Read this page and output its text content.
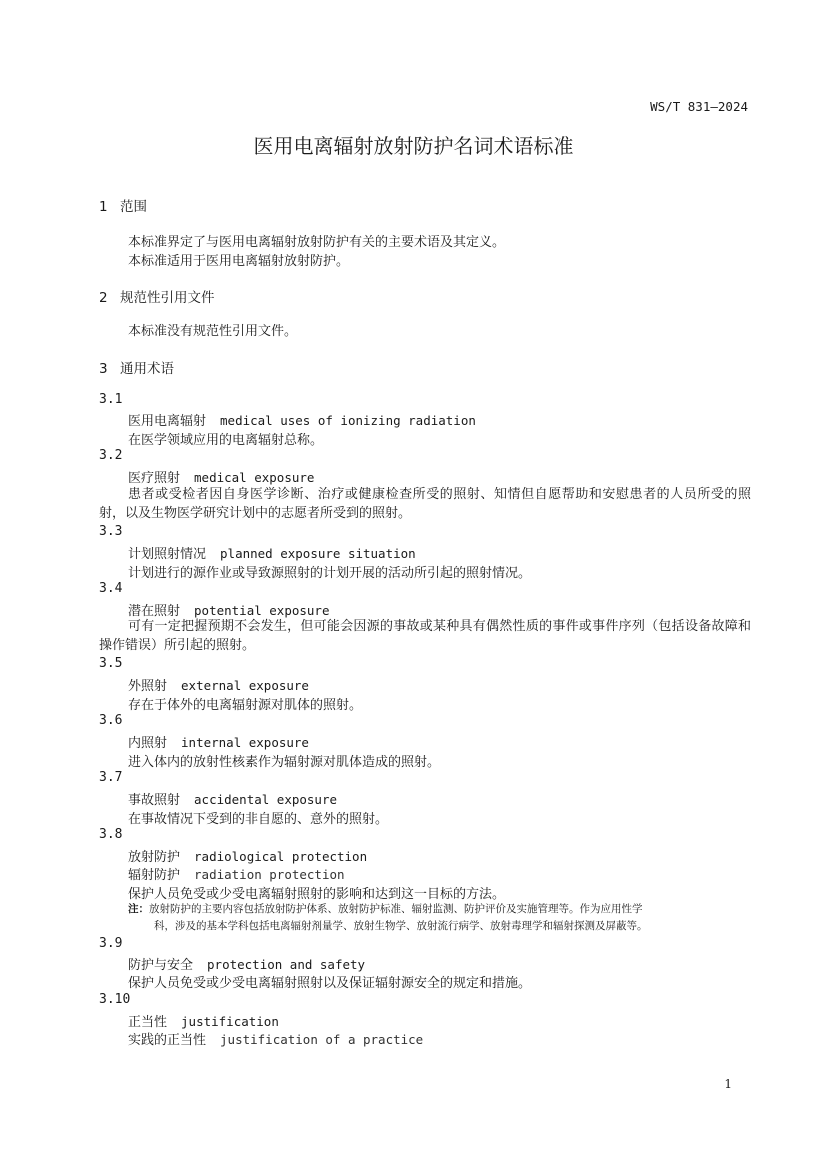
WS/T 831—2024
医用电离辐射放射防护名词术语标准
1 范围
本标准界定了与医用电离辐射放射防护有关的主要术语及其定义。
本标准适用于医用电离辐射放射防护。
2 规范性引用文件
本标准没有规范性引用文件。
3 通用术语
3.1
医用电离辐射 medical uses of ionizing radiation
在医学领域应用的电离辐射总称。
3.2
医疗照射 medical exposure
患者或受检者因自身医学诊断、治疗或健康检查所受的照射、知情但自愿帮助和安慰患者的人员所受的照射，以及生物医学研究计划中的志愿者所受到的照射。
3.3
计划照射情况 planned exposure situation
计划进行的源作业或导致源照射的计划开展的活动所引起的照射情况。
3.4
潜在照射 potential exposure
可有一定把握预期不会发生，但可能会因源的事故或某种具有偶然性质的事件或事件序列（包括设备故障和操作错误）所引起的照射。
3.5
外照射 external exposure
存在于体外的电离辐射源对肌体的照射。
3.6
内照射 internal exposure
进入体内的放射性核素作为辐射源对肌体造成的照射。
3.7
事故照射 accidental exposure
在事故情况下受到的非自愿的、意外的照射。
3.8
放射防护 radiological protection
辐射防护 radiation protection
保护人员免受或少受电离辐射照射的影响和达到这一目标的方法。
注：放射防护的主要内容包括放射防护体系、放射防护标准、辐射监测、防护评价及实施管理等。作为应用性学
科，涉及的基本学科包括电离辐射剂量学、放射生物学、放射流行病学、放射毒理学和辐射探测及屏蔽等。
3.9
防护与安全 protection and safety
保护人员免受或少受电离辐射照射以及保证辐射源安全的规定和措施。
3.10
正当性 justification
实践的正当性 justification of a practice
1
